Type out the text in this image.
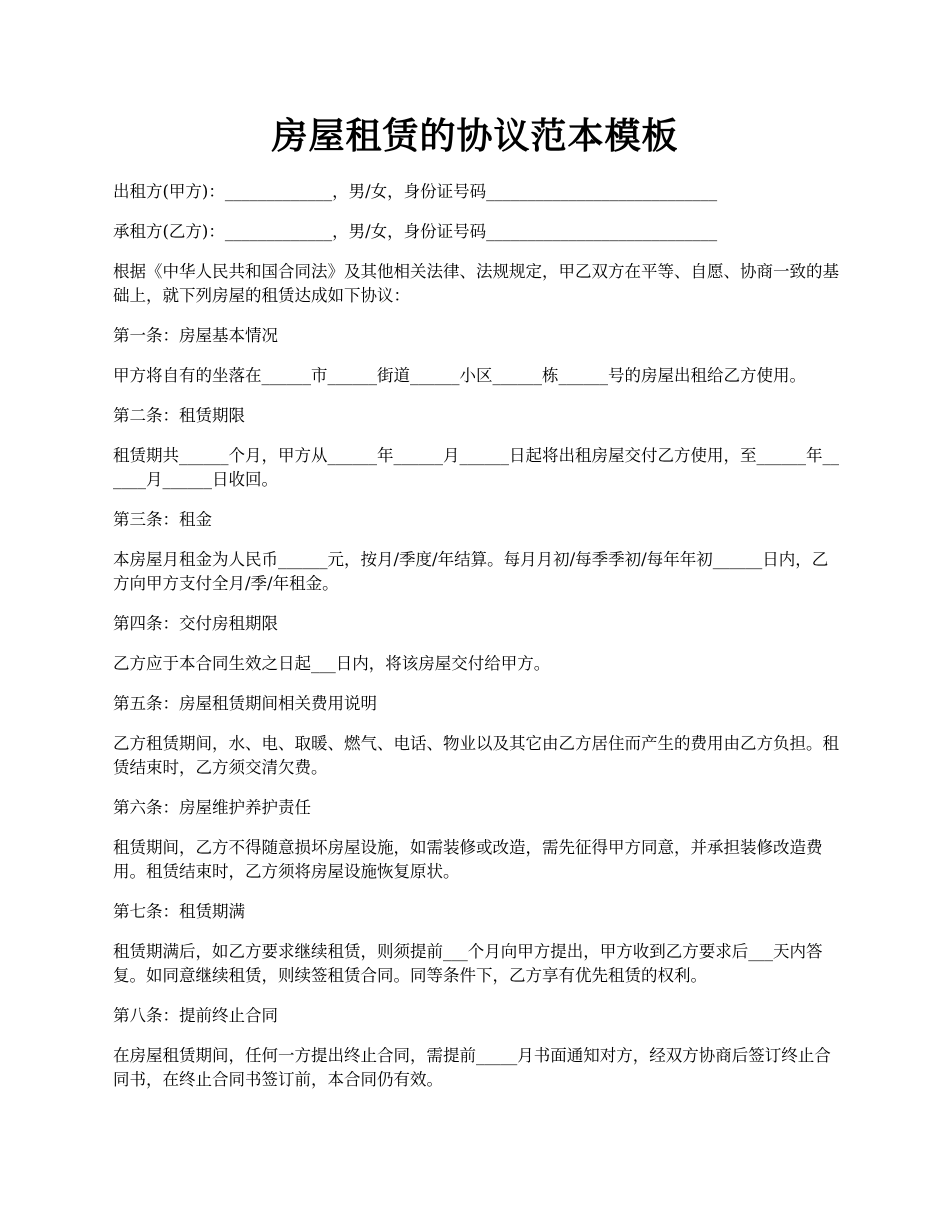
房屋租赁的协议范本模板

出租方(甲方)：_____________，男/女，身份证号码____________________________

承租方(乙方)：_____________，男/女，身份证号码____________________________

根据《中华人民共和国合同法》及其他相关法律、法规规定，甲乙双方在平等、自愿、协商一致的基础上，就下列房屋的租赁达成如下协议：

第一条：房屋基本情况

甲方将自有的坐落在______市______街道______小区______栋______号的房屋出租给乙方使用。

第二条：租赁期限

租赁期共______个月，甲方从______年______月______日起将出租房屋交付乙方使用，至______年______月______日收回。

第三条：租金

本房屋月租金为人民币______元，按月/季度/年结算。每月月初/每季季初/每年年初______日内，乙方向甲方支付全月/季/年租金。

第四条：交付房租期限

乙方应于本合同生效之日起___日内，将该房屋交付给甲方。

第五条：房屋租赁期间相关费用说明

乙方租赁期间，水、电、取暖、燃气、电话、物业以及其它由乙方居住而产生的费用由乙方负担。租赁结束时，乙方须交清欠费。

第六条：房屋维护养护责任

租赁期间，乙方不得随意损坏房屋设施，如需装修或改造，需先征得甲方同意，并承担装修改造费用。租赁结束时，乙方须将房屋设施恢复原状。

第七条：租赁期满

租赁期满后，如乙方要求继续租赁，则须提前___个月向甲方提出，甲方收到乙方要求后___天内答复。如同意继续租赁，则续签租赁合同。同等条件下，乙方享有优先租赁的权利。

第八条：提前终止合同

在房屋租赁期间，任何一方提出终止合同，需提前_____月书面通知对方，经双方协商后签订终止合同书，在终止合同书签订前，本合同仍有效。
